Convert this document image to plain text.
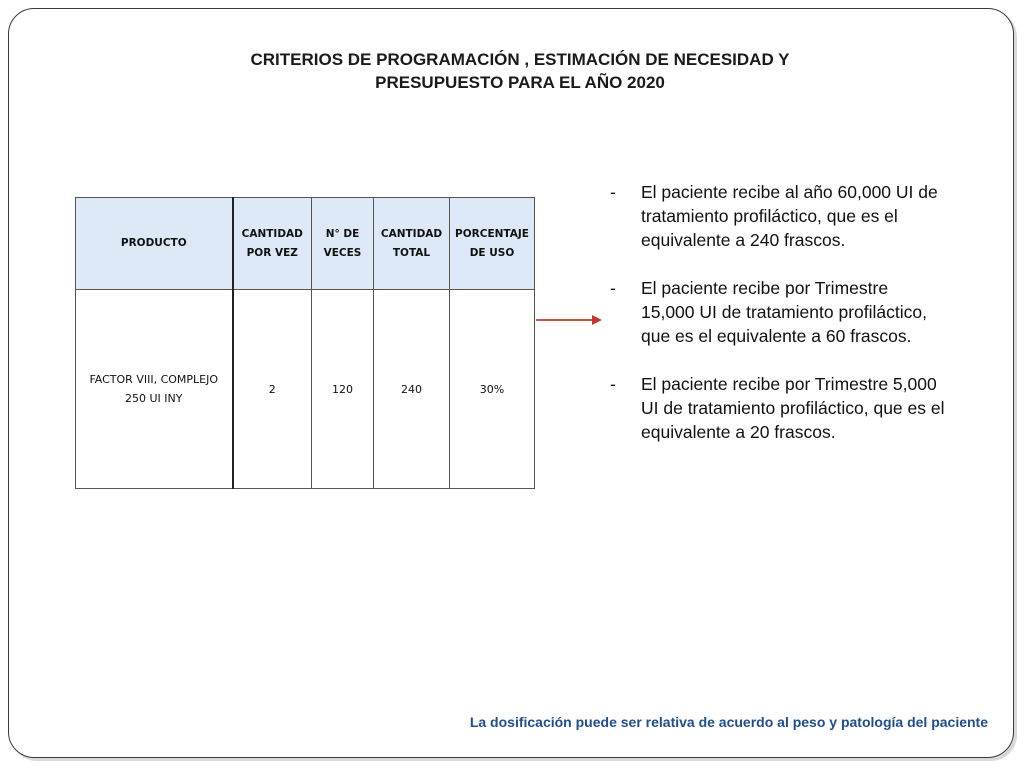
CRITERIOS DE PROGRAMACIÓN , ESTIMACIÓN DE NECESIDAD Y
PRESUPUESTO PARA EL AÑO 2020
PRODUCTO	CANTIDAD POR VEZ	N° DE VECES	CANTIDAD TOTAL	PORCENTAJE DE USO
FACTOR VIII, COMPLEJO 250 UI INY	2	120	240	30%
- El paciente recibe al año 60,000 UI de tratamiento profiláctico, que es el equivalente a 240 frascos.
- El paciente recibe por Trimestre 15,000 UI de tratamiento profiláctico, que es el equivalente a 60 frascos.
- El paciente recibe por Trimestre 5,000 UI de tratamiento profiláctico, que es el equivalente a 20 frascos.
La dosificación puede ser relativa de acuerdo al peso y patología del paciente
